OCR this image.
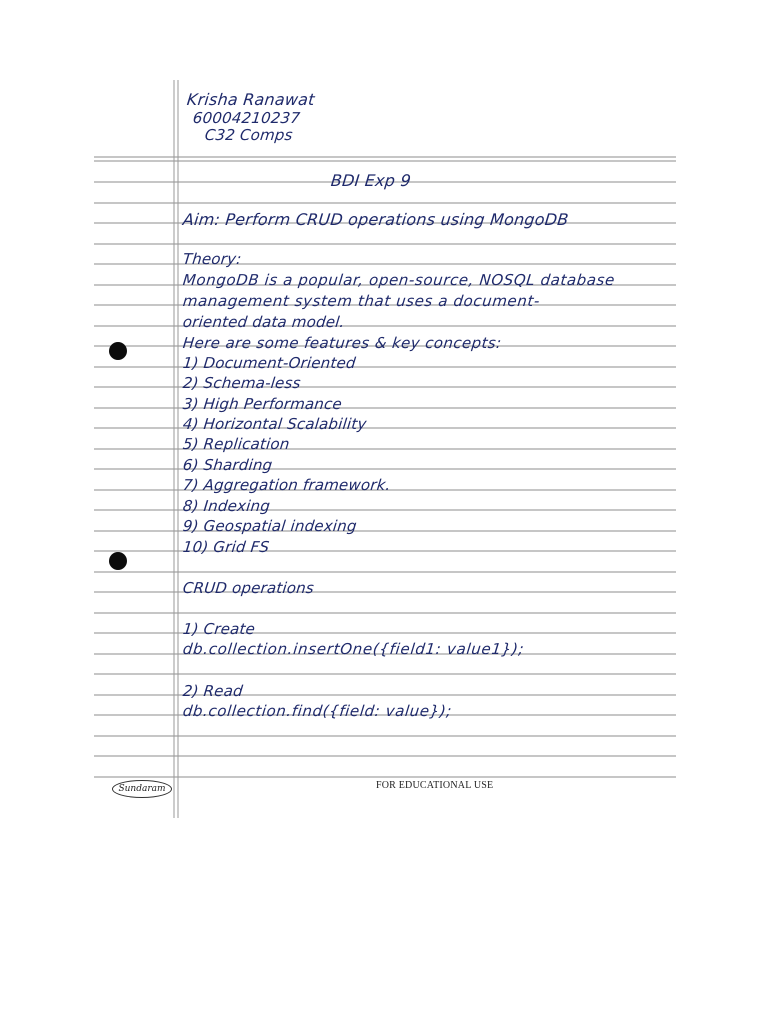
Krisha Ranawat
60004210237
C32 Comps
BDI Exp 9
Aim: Perform CRUD operations using MongoDB
Theory:
MongoDB is a popular, open-source, NOSQL database
management system that uses a document-
oriented data model.
Here are some features & key concepts:
1) Document-Oriented
2) Schema-less
3) High Performance
4) Horizontal Scalability
5) Replication
6) Sharding
7) Aggregation framework.
8) Indexing
9) Geospatial indexing
10) Grid FS
CRUD operations
1) Create
db.collection.insertOne({field1: value1});
2) Read
db.collection.find({field: value});
Sundaram	FOR EDUCATIONAL USE
